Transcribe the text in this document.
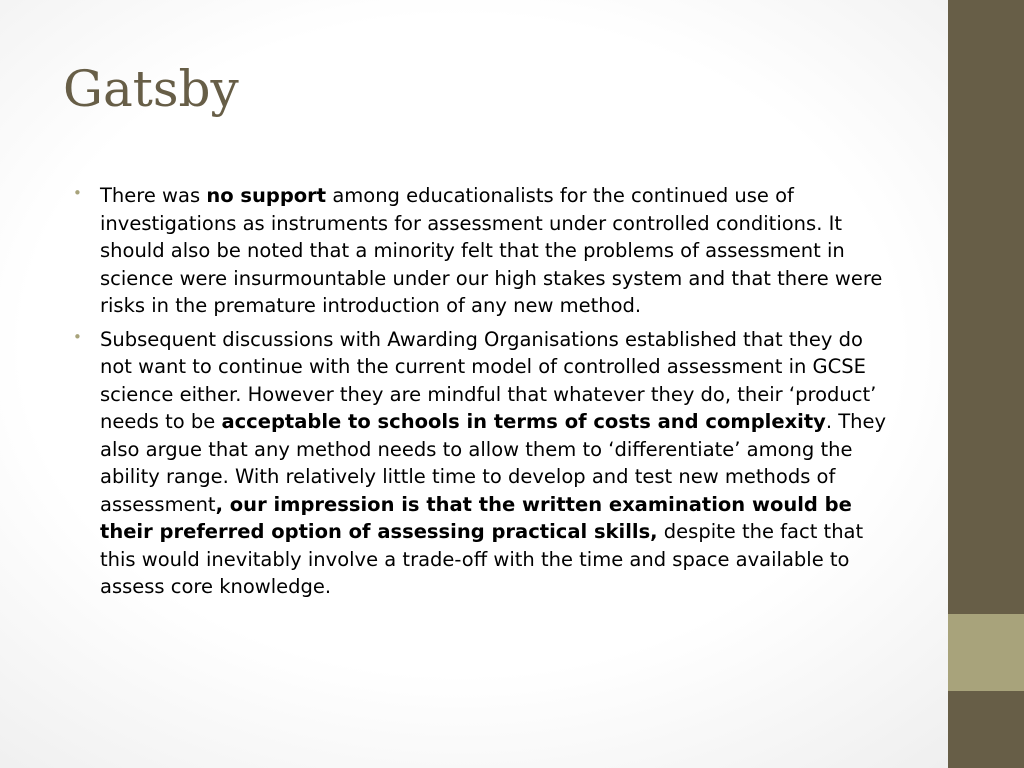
Gatsby
• There was no support among educationalists for the continued use of investigations as instruments for assessment under controlled conditions. It should also be noted that a minority felt that the problems of assessment in science were insurmountable under our high stakes system and that there were risks in the premature introduction of any new method.
• Subsequent discussions with Awarding Organisations established that they do not want to continue with the current model of controlled assessment in GCSE science either. However they are mindful that whatever they do, their ‘product’ needs to be acceptable to schools in terms of costs and complexity. They also argue that any method needs to allow them to ‘differentiate’ among the ability range. With relatively little time to develop and test new methods of assessment, our impression is that the written examination would be their preferred option of assessing practical skills, despite the fact that this would inevitably involve a trade-off with the time and space available to assess core knowledge.
